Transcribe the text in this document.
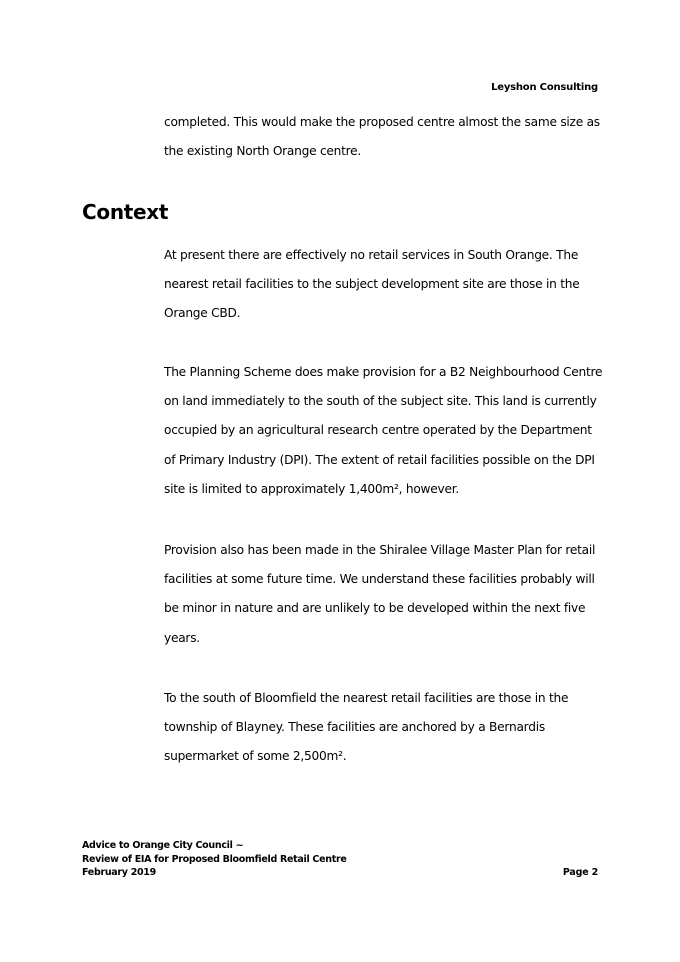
Leyshon Consulting

completed. This would make the proposed centre almost the same size as the existing North Orange centre.

Context

At present there are effectively no retail services in South Orange. The nearest retail facilities to the subject development site are those in the Orange CBD.

The Planning Scheme does make provision for a B2 Neighbourhood Centre on land immediately to the south of the subject site. This land is currently occupied by an agricultural research centre operated by the Department of Primary Industry (DPI). The extent of retail facilities possible on the DPI site is limited to approximately 1,400m², however.

Provision also has been made in the Shiralee Village Master Plan for retail facilities at some future time. We understand these facilities probably will be minor in nature and are unlikely to be developed within the next five years.

To the south of Bloomfield the nearest retail facilities are those in the township of Blayney. These facilities are anchored by a Bernardis supermarket of some 2,500m².

Advice to Orange City Council ~
Review of EIA for Proposed Bloomfield Retail Centre
February 2019	Page 2
